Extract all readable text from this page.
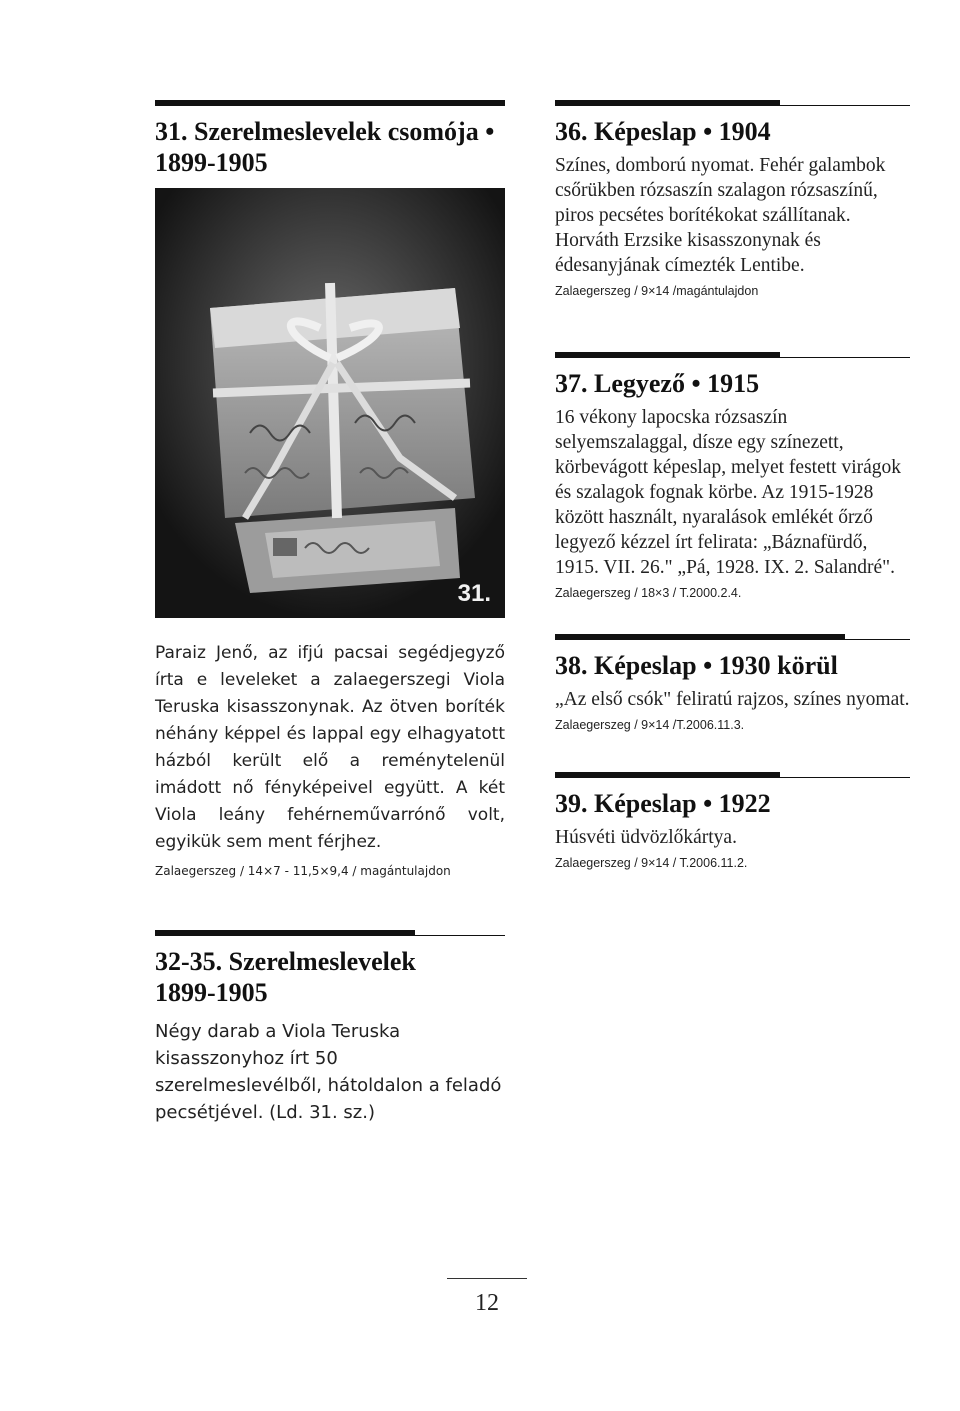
31. Szerelmeslevelek csomója • 1899-1905
31.
Paraiz Jenő, az ifjú pacsai segédjegyző írta e leveleket a zalaegerszegi Viola Teruska kisasszonynak. Az ötven boríték néhány képpel és lappal egy elhagyatott házból került elő a reménytelenül imádott nő fényképeivel együtt. A két Viola leány fehérneművarrónő volt, egyikük sem ment férjhez.
Zalaegerszeg / 14×7 - 11,5×9,4 / magántulajdon
32-35. Szerelmeslevelek
1899-1905
Négy darab a Viola Teruska kisasszonyhoz írt 50 szerelmeslevélből, hátoldalon a feladó pecsétjével. (Ld. 31. sz.)
36. Képeslap • 1904
Színes, domború nyomat. Fehér galambok csőrükben rózsaszín szalagon rózsaszínű, piros pecsétes borítékokat szállítanak. Horváth Erzsike kisasszonynak és édesanyjának címezték Lentibe.
Zalaegerszeg / 9×14 /magántulajdon
37. Legyező • 1915
16 vékony lapocska rózsaszín selyemszalaggal, dísze egy színezett, körbevágott képeslap, melyet festett virágok és szalagok fognak körbe. Az 1915-1928 között használt, nyaralások emlékét őrző legyező kézzel írt felirata: „Báznafürdő, 1915. VII. 26." „Pá, 1928. IX. 2. Salandré".
Zalaegerszeg / 18×3 / T.2000.2.4.
38. Képeslap • 1930 körül
„Az első csók" feliratú rajzos, színes nyomat.
Zalaegerszeg / 9×14 /T.2006.11.3.
39. Képeslap • 1922
Húsvéti üdvözlőkártya.
Zalaegerszeg / 9×14 / T.2006.11.2.
12
